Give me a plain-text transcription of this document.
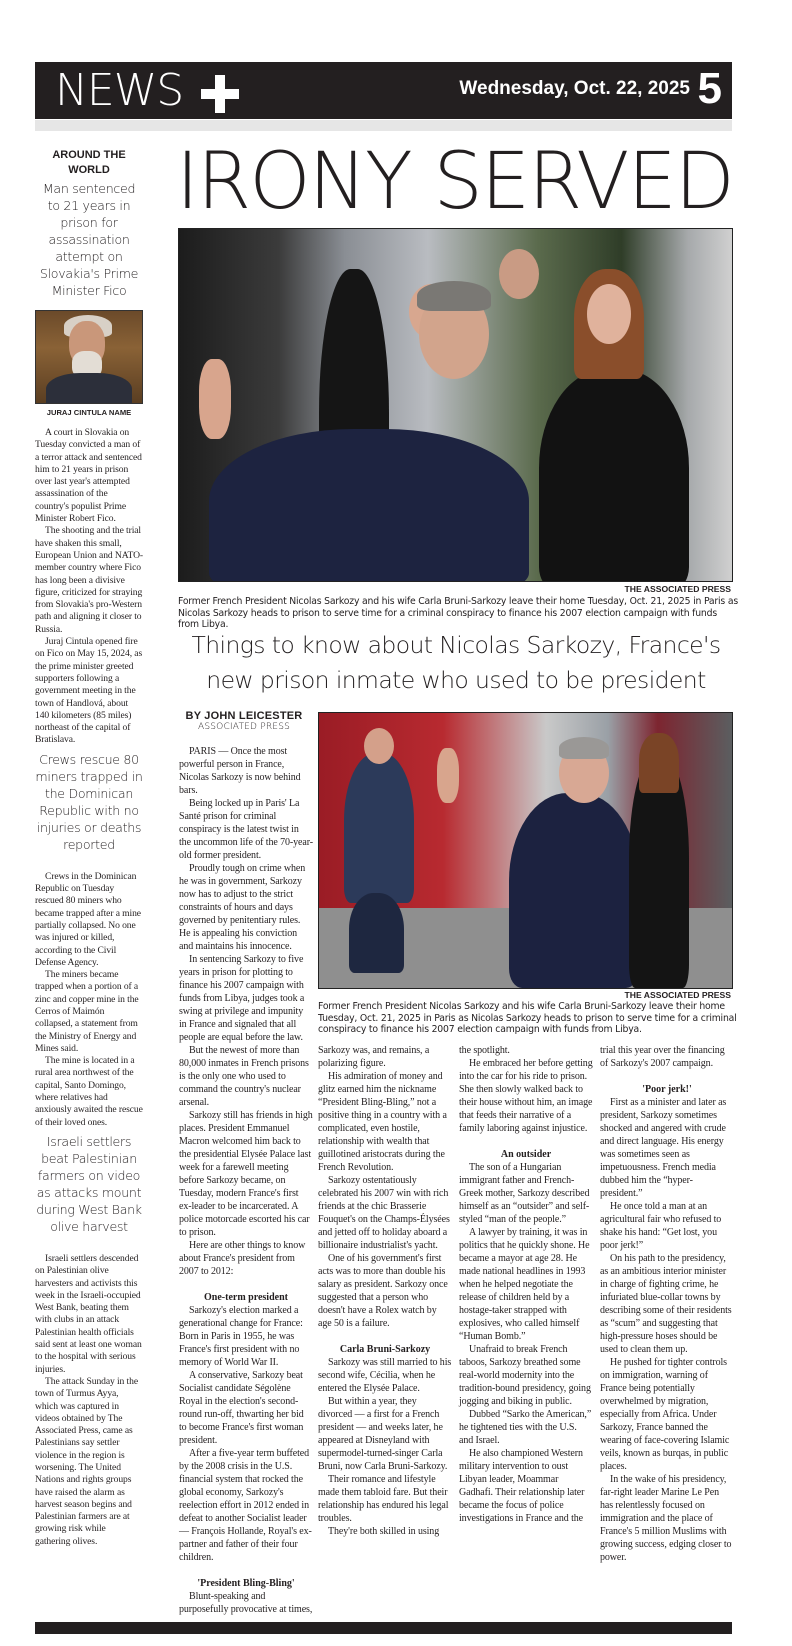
NEWS	Wednesday, Oct. 22, 2025 5
AROUND THE WORLD
Man sentenced to 21 years in prison for assassination attempt on Slovakia's Prime Minister Fico
JURAJ CINTULA NAME

A court in Slovakia on Tuesday convicted a man of a terror attack and sentenced him to 21 years in prison over last year's attempted assassination of the country's populist Prime Minister Robert Fico.

The shooting and the trial have shaken this small, European Union and NATO-member country where Fico has long been a divisive figure, criticized for straying from Slovakia's pro-Western path and aligning it closer to Russia.

Juraj Cintula opened fire on Fico on May 15, 2024, as the prime minister greeted supporters following a government meeting in the town of Handlová, about 140 kilometers (85 miles) northeast of the capital of Bratislava.

Crews rescue 80 miners trapped in the Dominican Republic with no injuries or deaths reported

Crews in the Dominican Republic on Tuesday rescued 80 miners who became trapped after a mine partially collapsed. No one was injured or killed, according to the Civil Defense Agency.

The miners became trapped when a portion of a zinc and copper mine in the Cerros of Maimón collapsed, a statement from the Ministry of Energy and Mines said.

The mine is located in a rural area northwest of the capital, Santo Domingo, where relatives had anxiously awaited the rescue of their loved ones.

Israeli settlers beat Palestinian farmers on video as attacks mount during West Bank olive harvest

Israeli settlers descended on Palestinian olive harvesters and activists this week in the Israeli-occupied West Bank, beating them with clubs in an attack Palestinian health officials said sent at least one woman to the hospital with serious injuries.

The attack Sunday in the town of Turmus Ayya, which was captured in videos obtained by The Associated Press, came as Palestinians say settler violence in the region is worsening. The United Nations and rights groups have raised the alarm as harvest season begins and Palestinian farmers are at growing risk while gathering olives.

IRONY SERVED
THE ASSOCIATED PRESS
Former French President Nicolas Sarkozy and his wife Carla Bruni-Sarkozy leave their home Tuesday, Oct. 21, 2025 in Paris as Nicolas Sarkozy heads to prison to serve time for a criminal conspiracy to finance his 2007 election campaign with funds from Libya.
Things to know about Nicolas Sarkozy, France's new prison inmate who used to be president
BY JOHN LEICESTER
ASSOCIATED PRESS
THE ASSOCIATED PRESS
Former French President Nicolas Sarkozy and his wife Carla Bruni-Sarkozy leave their home Tuesday, Oct. 21, 2025 in Paris as Nicolas Sarkozy heads to prison to serve time for a criminal conspiracy to finance his 2007 election campaign with funds from Libya.

PARIS — Once the most powerful person in France, Nicolas Sarkozy is now behind bars.

Being locked up in Paris' La Santé prison for criminal conspiracy is the latest twist in the uncommon life of the 70-year-old former president.

Proudly tough on crime when he was in government, Sarkozy now has to adjust to the strict constraints of hours and days governed by penitentiary rules. He is appealing his conviction and maintains his innocence.

In sentencing Sarkozy to five years in prison for plotting to finance his 2007 campaign with funds from Libya, judges took a swing at privilege and impunity in France and signaled that all people are equal before the law.

But the newest of more than 80,000 inmates in French prisons is the only one who used to command the country's nuclear arsenal.

Sarkozy still has friends in high places. President Emmanuel Macron welcomed him back to the presidential Elysée Palace last week for a farewell meeting before Sarkozy became, on Tuesday, modern France's first ex-leader to be incarcerated. A police motorcade escorted his car to prison.

Here are other things to know about France's president from 2007 to 2012:

One-term president

Sarkozy's election marked a generational change for France: Born in Paris in 1955, he was France's first president with no memory of World War II.

A conservative, Sarkozy beat Socialist candidate Ségolène Royal in the election's second-round run-off, thwarting her bid to become France's first woman president.

After a five-year term buffeted by the 2008 crisis in the U.S. financial system that rocked the global economy, Sarkozy's reelection effort in 2012 ended in defeat to another Socialist leader — François Hollande, Royal's ex-partner and father of their four children.

'President Bling-Bling'

Blunt-speaking and purposefully provocative at times,

Sarkozy was, and remains, a polarizing figure.

His admiration of money and glitz earned him the nickname “President Bling-Bling,” not a positive thing in a country with a complicated, even hostile, relationship with wealth that guillotined aristocrats during the French Revolution.

Sarkozy ostentatiously celebrated his 2007 win with rich friends at the chic Brasserie Fouquet's on the Champs-Élysées and jetted off to holiday aboard a billionaire industrialist's yacht.

One of his government's first acts was to more than double his salary as president. Sarkozy once suggested that a person who doesn't have a Rolex watch by age 50 is a failure.

Carla Bruni-Sarkozy

Sarkozy was still married to his second wife, Cécilia, when he entered the Elysée Palace.

But within a year, they divorced — a first for a French president — and weeks later, he appeared at Disneyland with supermodel-turned-singer Carla Bruni, now Carla Bruni-Sarkozy.

Their romance and lifestyle made them tabloid fare. But their relationship has endured his legal troubles.

They're both skilled in using

the spotlight.

He embraced her before getting into the car for his ride to prison. She then slowly walked back to their house without him, an image that feeds their narrative of a family laboring against injustice.

An outsider

The son of a Hungarian immigrant father and French-Greek mother, Sarkozy described himself as an “outsider” and self-styled “man of the people.”

A lawyer by training, it was in politics that he quickly shone. He became a mayor at age 28. He made national headlines in 1993 when he helped negotiate the release of children held by a hostage-taker strapped with explosives, who called himself “Human Bomb.”

Unafraid to break French taboos, Sarkozy breathed some real-world modernity into the tradition-bound presidency, going jogging and biking in public.

Dubbed “Sarko the American,” he tightened ties with the U.S. and Israel.

He also championed Western military intervention to oust Libyan leader, Moammar Gadhafi. Their relationship later became the focus of police investigations in France and the

trial this year over the financing of Sarkozy's 2007 campaign.

'Poor jerk!'

First as a minister and later as president, Sarkozy sometimes shocked and angered with crude and direct language. His energy was sometimes seen as impetuousness. French media dubbed him the “hyper-president.”

He once told a man at an agricultural fair who refused to shake his hand: “Get lost, you poor jerk!”

On his path to the presidency, as an ambitious interior minister in charge of fighting crime, he infuriated blue-collar towns by describing some of their residents as “scum” and suggesting that high-pressure hoses should be used to clean them up.

He pushed for tighter controls on immigration, warning of France being potentially overwhelmed by migration, especially from Africa. Under Sarkozy, France banned the wearing of face-covering Islamic veils, known as burqas, in public places.

In the wake of his presidency, far-right leader Marine Le Pen has relentlessly focused on immigration and the place of France's 5 million Muslims with growing success, edging closer to power.
